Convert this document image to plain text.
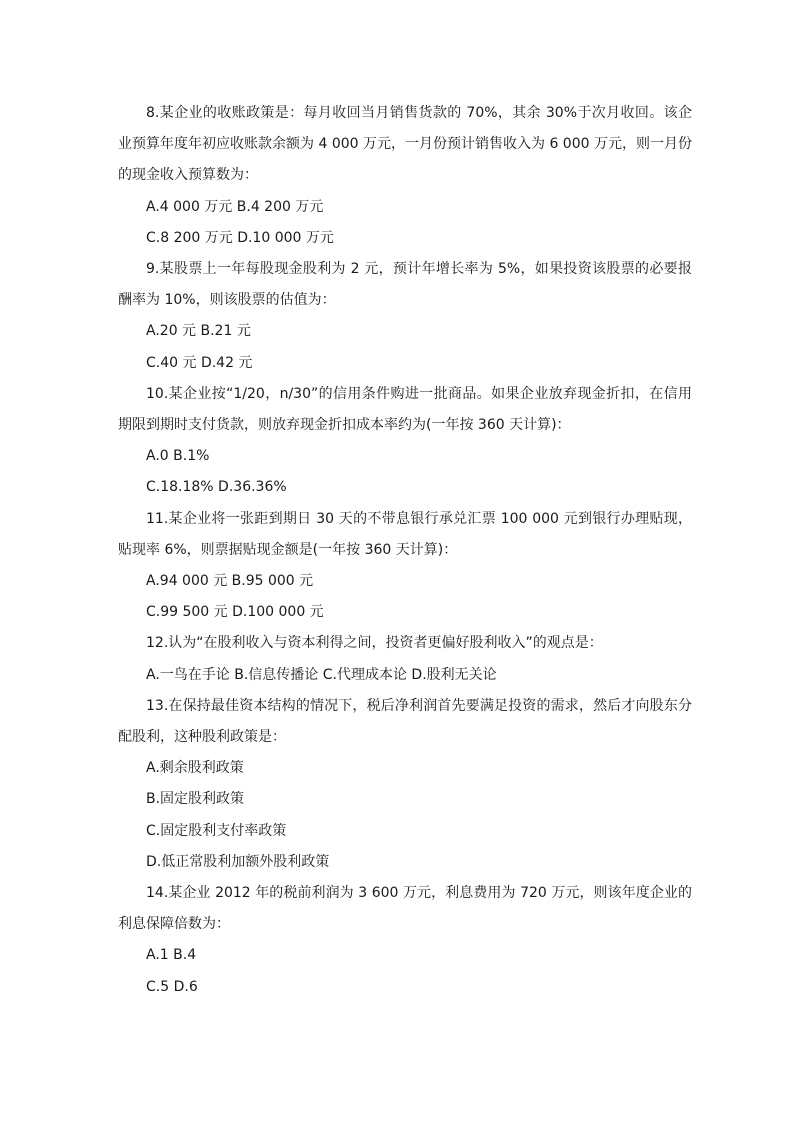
8.某企业的收账政策是：每月收回当月销售货款的 70%，其余 30%于次月收回。该企业预算年度年初应收账款余额为 4 000 万元，一月份预计销售收入为 6 000 万元，则一月份的现金收入预算数为：

A.4 000 万元 B.4 200 万元

C.8 200 万元 D.10 000 万元

9.某股票上一年每股现金股利为 2 元，预计年增长率为 5%，如果投资该股票的必要报酬率为 10%，则该股票的估值为：

A.20 元 B.21 元

C.40 元 D.42 元

10.某企业按“1/20，n/30”的信用条件购进一批商品。如果企业放弃现金折扣，在信用期限到期时支付货款，则放弃现金折扣成本率约为(一年按 360 天计算)：

A.0 B.1%

C.18.18% D.36.36%

11.某企业将一张距到期日 30 天的不带息银行承兑汇票 100 000 元到银行办理贴现，贴现率 6%，则票据贴现金额是(一年按 360 天计算)：

A.94 000 元 B.95 000 元

C.99 500 元 D.100 000 元

12.认为“在股利收入与资本利得之间，投资者更偏好股利收入”的观点是：

A.一鸟在手论 B.信息传播论 C.代理成本论 D.股利无关论

13.在保持最佳资本结构的情况下，税后净利润首先要满足投资的需求，然后才向股东分配股利，这种股利政策是：

A.剩余股利政策

B.固定股利政策

C.固定股利支付率政策

D.低正常股利加额外股利政策

14.某企业 2012 年的税前利润为 3 600 万元，利息费用为 720 万元，则该年度企业的利息保障倍数为：

A.1 B.4

C.5 D.6
